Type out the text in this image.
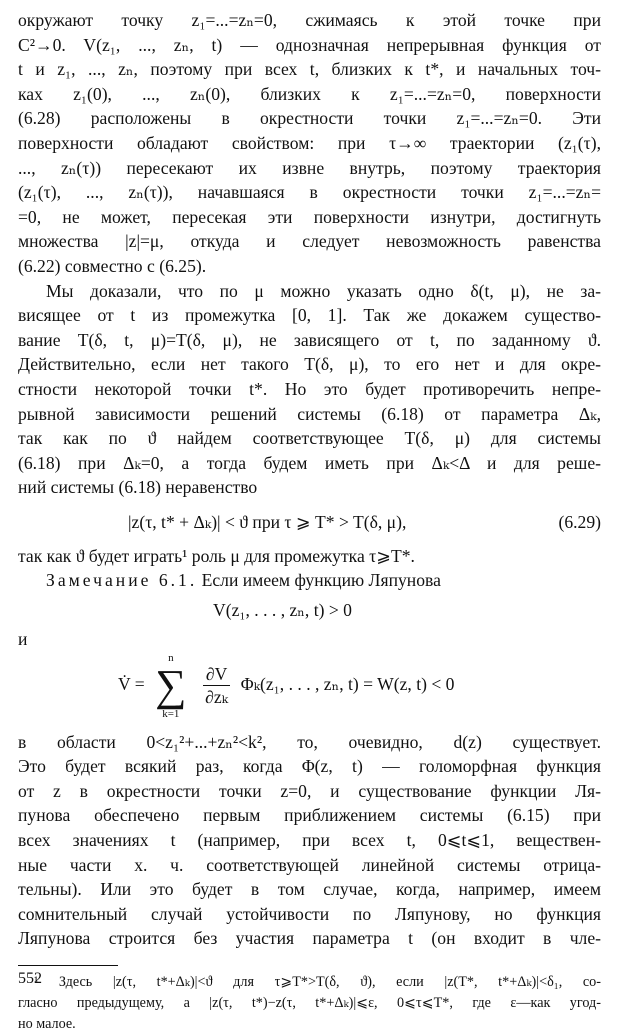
окружают точку z₁=...=zₙ=0, сжимаясь к этой точке при
C²→0. V(z₁, ..., zₙ, t) — однозначная непрерывная функция от
t и z₁, ..., zₙ, поэтому при всех t, близких к t*, и начальных точ-
ках z₁(0), ..., zₙ(0), близких к z₁=...=zₙ=0, поверхности
(6.28) расположены в окрестности точки z₁=...=zₙ=0. Эти
поверхности обладают свойством: при τ→∞ траектории (z₁(τ),
..., zₙ(τ)) пересекают их извне внутрь, поэтому траектория
(z₁(τ), ..., zₙ(τ)), начавшаяся в окрестности точки z₁=...=zₙ=
=0, не может, пересекая эти поверхности изнутри, достигнуть
множества |z|=μ, откуда и следует невозможность равенства
(6.22) совместно с (6.25).
Мы доказали, что по μ можно указать одно δ(t, μ), не за-
висящее от t из промежутка [0, 1]. Так же докажем существо-
вание T(δ, t, μ)=T(δ, μ), не зависящего от t, по заданному ϑ.
Действительно, если нет такого T(δ, μ), то его нет и для окре-
стности некоторой точки t*. Но это будет противоречить непре-
рывной зависимости решений системы (6.18) от параметра Δₖ,
так как по ϑ найдем соответствующее T(δ, μ) для системы
(6.18) при Δₖ=0, а тогда будем иметь при Δₖ<Δ и для решe-
ний системы (6.18) неравенство
|z(τ, t* + Δₖ)| < ϑ при τ ⩾ T* > T(δ, μ),	(6.29)
так как ϑ будет играть¹ роль μ для промежутка τ⩾T*.
Замечание 6.1. Если имеем функцию Ляпунова
V(z₁, . . . , zₙ, t) > 0
и
V̇ =
n
∑
k=1

$\frac{\partial V}{\text{∂zₖ}} \Phi_k(z_1$, . . . , zₙ, t) = W(z, t) < 0
в области 0<z₁²+...+zₙ²<k², то, очевидно, d(z) существует.
Это будет всякий раз, когда Φ(z, t) — голоморфная функция
от z в окрестности точки z=0, и существование функции Ля-
пунова обеспечено первым приближением системы (6.15) при
всех значениях t (например, при всех t, 0⩽t⩽1, веществен-
ные части х. ч. соответствующей линейной системы отрица-
тельны). Или это будет в том случае, когда, например, имеем
сомнительный случай устойчивости по Ляпунову, но функция
Ляпунова строится без участия параметра t (он входит в чле-
¹ Здесь |z(τ, t*+Δₖ)|<ϑ для τ⩾T*>T(δ, ϑ), если |z(T*, t*+Δₖ)|<δ₁, со-
гласно предыдущему, а |z(τ, t*)−z(τ, t*+Δₖ)|⩽ε, 0⩽τ⩽T*, где ε—как угод-
но малое.
552
